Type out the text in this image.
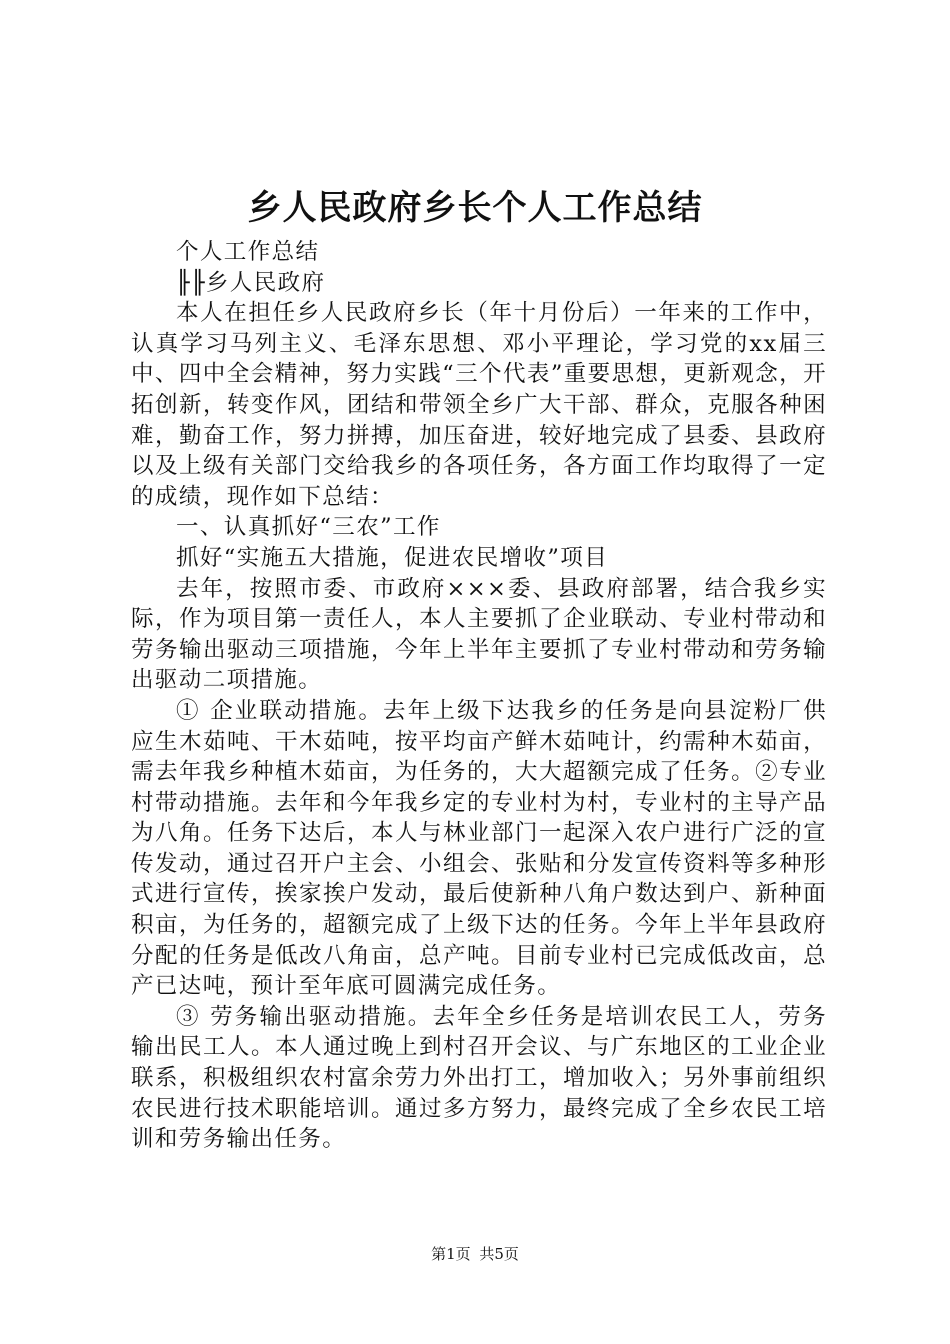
乡人民政府乡长个人工作总结

个人工作总结

╟╟乡人民政府

本人在担任乡人民政府乡长（年十月份后）一年来的工作中，认真学习马列主义、毛泽东思想、邓小平理论，学习党的xx届三中、四中全会精神，努力实践“三个代表”重要思想，更新观念，开拓创新，转变作风，团结和带领全乡广大干部、群众，克服各种困难，勤奋工作，努力拼搏，加压奋进，较好地完成了县委、县政府以及上级有关部门交给我乡的各项任务，各方面工作均取得了一定的成绩，现作如下总结：

一、认真抓好“三农”工作

抓好“实施五大措施，促进农民增收”项目

去年，按照市委、市政府×××委、县政府部署，结合我乡实际，作为项目第一责任人，本人主要抓了企业联动、专业村带动和劳务输出驱动三项措施，今年上半年主要抓了专业村带动和劳务输出驱动二项措施。

① 企业联动措施。去年上级下达我乡的任务是向县淀粉厂供应生木茹吨、干木茹吨，按平均亩产鲜木茹吨计，约需种木茹亩，需去年我乡种植木茹亩，为任务的，大大超额完成了任务。②专业村带动措施。去年和今年我乡定的专业村为村，专业村的主导产品为八角。任务下达后，本人与林业部门一起深入农户进行广泛的宣传发动，通过召开户主会、小组会、张贴和分发宣传资料等多种形式进行宣传，挨家挨户发动，最后使新种八角户数达到户、新种面积亩，为任务的，超额完成了上级下达的任务。今年上半年县政府分配的任务是低改八角亩，总产吨。目前专业村已完成低改亩，总产已达吨，预计至年底可圆满完成任务。

③ 劳务输出驱动措施。去年全乡任务是培训农民工人，劳务输出民工人。本人通过晚上到村召开会议、与广东地区的工业企业联系，积极组织农村富余劳力外出打工，增加收入；另外事前组织农民进行技术职能培训。通过多方努力，最终完成了全乡农民工培训和劳务输出任务。

第1页 共5页
